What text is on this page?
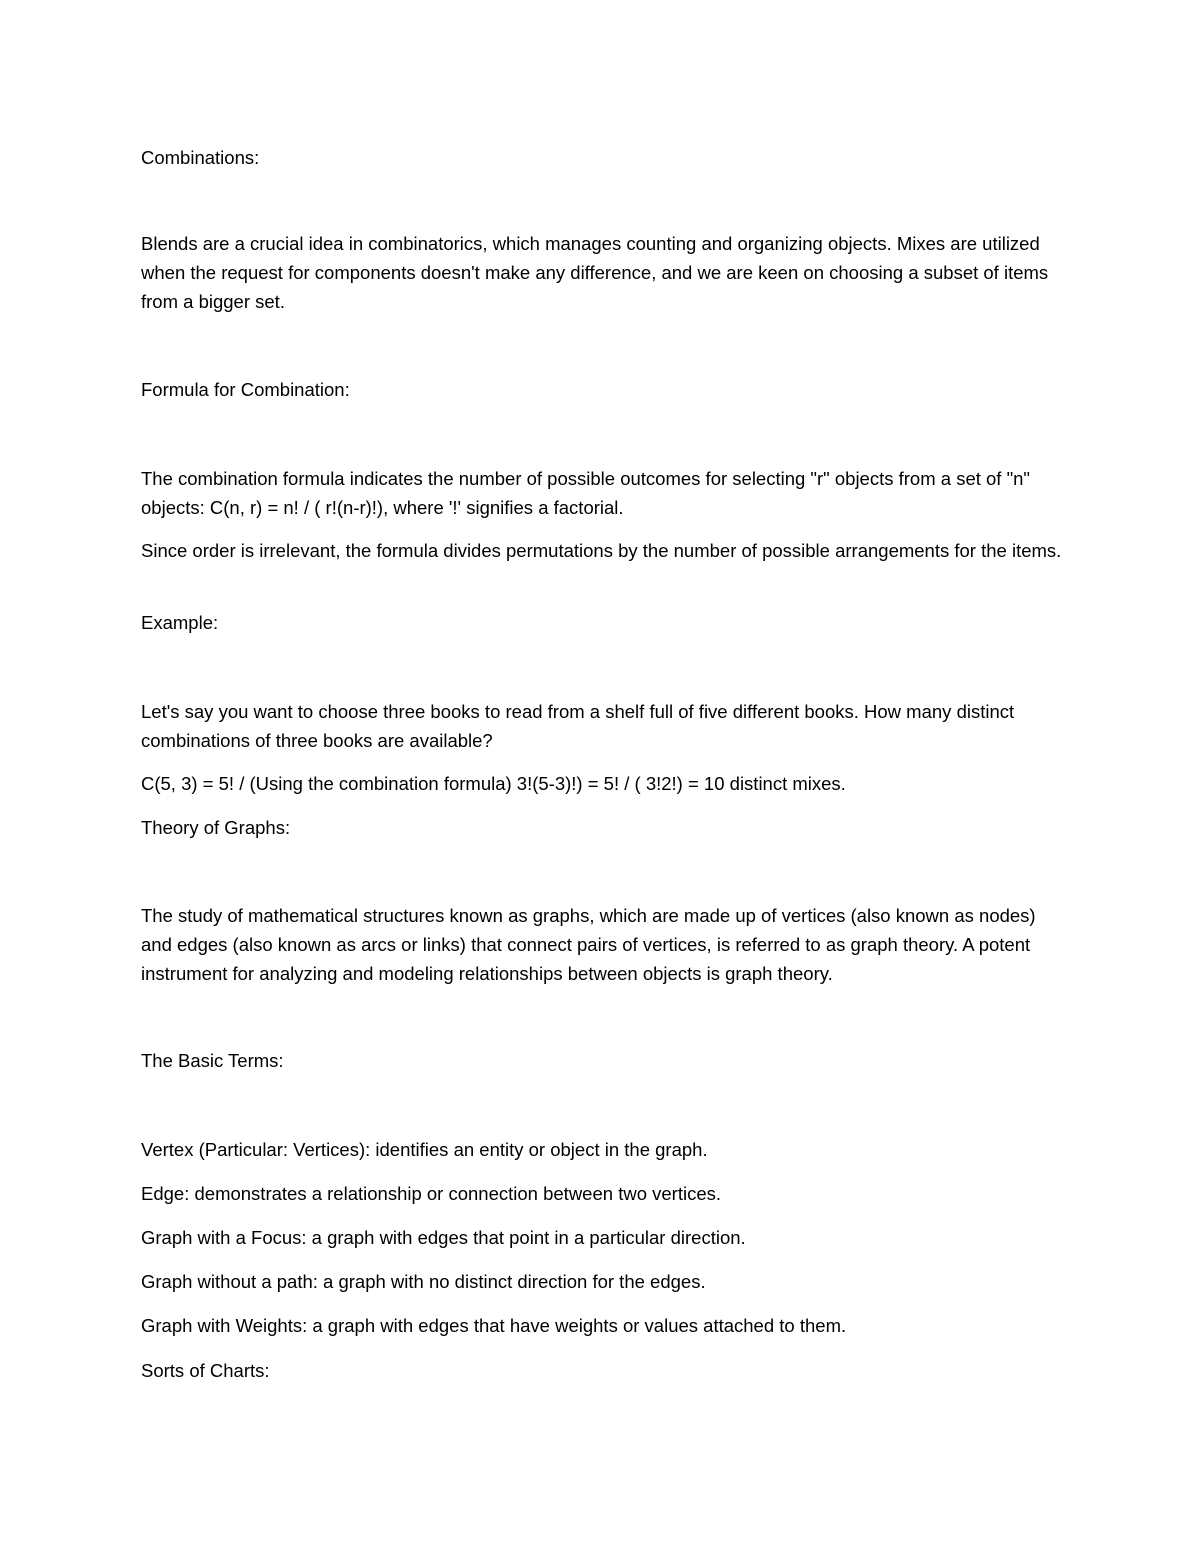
Combinations:

Blends are a crucial idea in combinatorics, which manages counting and organizing objects. Mixes are utilized when the request for components doesn't make any difference, and we are keen on choosing a subset of items from a bigger set.

Formula for Combination:

The combination formula indicates the number of possible outcomes for selecting "r" objects from a set of "n" objects: C(n, r) = n! / ( r!(n-r)!), where '!' signifies a factorial.

Since order is irrelevant, the formula divides permutations by the number of possible arrangements for the items.

Example:

Let's say you want to choose three books to read from a shelf full of five different books. How many distinct combinations of three books are available?

C(5, 3) = 5! / (Using the combination formula) 3!(5-3)!) = 5! / ( 3!2!) = 10 distinct mixes.

Theory of Graphs:

The study of mathematical structures known as graphs, which are made up of vertices (also known as nodes) and edges (also known as arcs or links) that connect pairs of vertices, is referred to as graph theory. A potent instrument for analyzing and modeling relationships between objects is graph theory.

The Basic Terms:

Vertex (Particular: Vertices): identifies an entity or object in the graph.

Edge: demonstrates a relationship or connection between two vertices.

Graph with a Focus: a graph with edges that point in a particular direction.

Graph without a path: a graph with no distinct direction for the edges.

Graph with Weights: a graph with edges that have weights or values attached to them.

Sorts of Charts:
